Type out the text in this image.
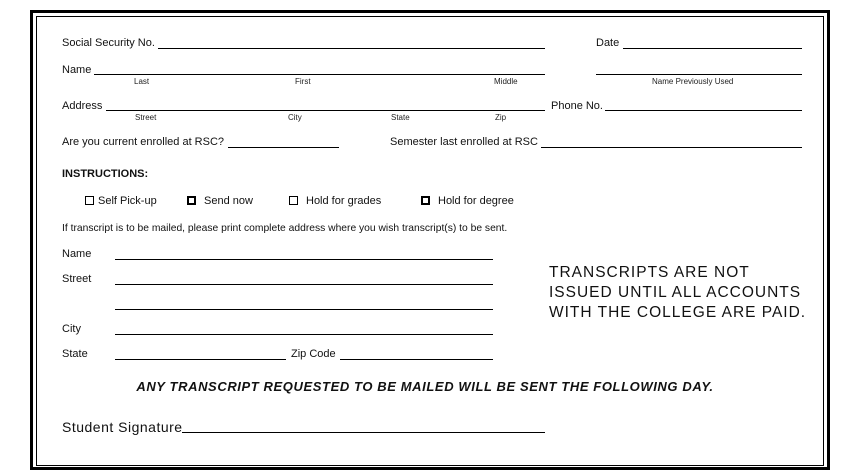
Social Security No.	Date
Name
Last	First	Middle	Name Previously Used
Address	Phone No.
Street	City	State	Zip
Are you current enrolled at RSC?	Semester last enrolled at RSC
INSTRUCTIONS:
Self Pick-up	Send now	Hold for grades	Hold for degree
If transcript is to be mailed, please print complete address where you wish transcript(s) to be sent.
Name
Street
City
State	Zip Code
TRANSCRIPTS ARE NOT
ISSUED UNTIL ALL ACCOUNTS
WITH THE COLLEGE ARE PAID.
ANY TRANSCRIPT REQUESTED TO BE MAILED WILL BE SENT THE FOLLOWING DAY.
Student Signature
